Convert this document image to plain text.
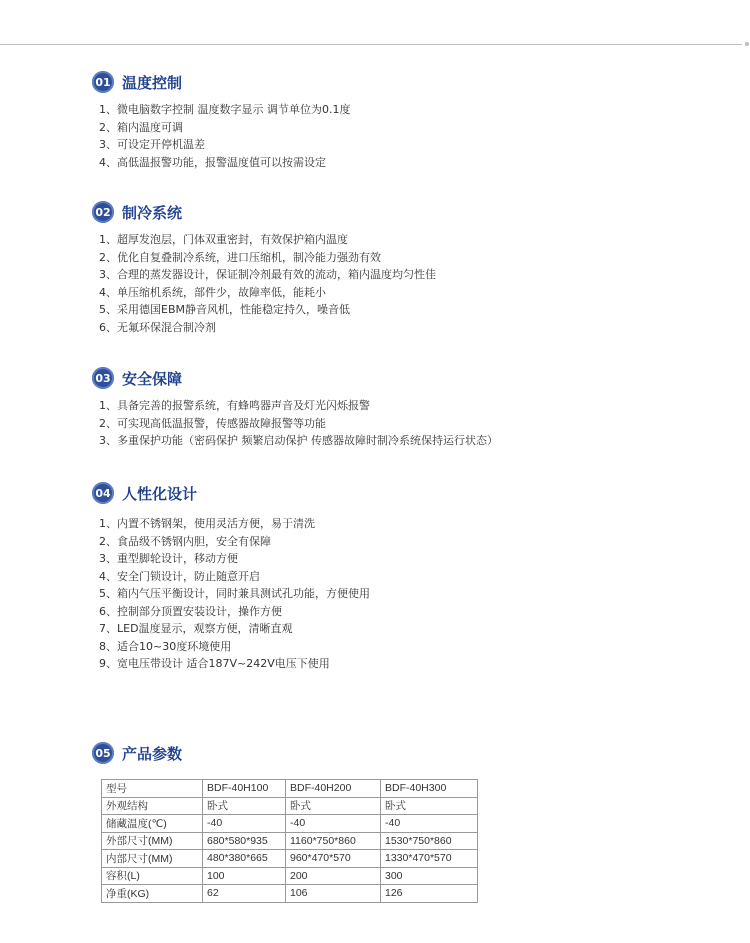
01 温度控制
1、微电脑数字控制 温度数字显示 调节单位为0.1度
2、箱内温度可调
3、可设定开停机温差
4、高低温报警功能，报警温度值可以按需设定
02 制冷系统
1、超厚发泡层，门体双重密封，有效保护箱内温度
2、优化自复叠制冷系统，进口压缩机，制冷能力强劲有效
3、合理的蒸发器设计，保证制冷剂最有效的流动，箱内温度均匀性佳
4、单压缩机系统，部件少，故障率低，能耗小
5、采用德国EBM静音风机，性能稳定持久，噪音低
6、无氟环保混合制冷剂
03 安全保障
1、具备完善的报警系统，有蜂鸣器声音及灯光闪烁报警
2、可实现高低温报警，传感器故障报警等功能
3、多重保护功能（密码保护 频繁启动保护 传感器故障时制冷系统保持运行状态）
04 人性化设计
1、内置不锈钢架，使用灵活方便，易于清洗
2、食品级不锈钢内胆，安全有保障
3、重型脚轮设计，移动方便
4、安全门锁设计，防止随意开启
5、箱内气压平衡设计，同时兼具测试孔功能，方便使用
6、控制部分顶置安装设计，操作方便
7、LED温度显示，观察方便，清晰直观
8、适合10~30度环境使用
9、宽电压带设计 适合187V~242V电压下使用
05 产品参数
型号	BDF-40H100	BDF-40H200	BDF-40H300
外观结构	卧式	卧式	卧式
储藏温度(℃)	-40	-40	-40
外部尺寸(MM)	680*580*935	1160*750*860	1530*750*860
内部尺寸(MM)	480*380*665	960*470*570	1330*470*570
容积(L)	100	200	300
净重(KG)	62	106	126
